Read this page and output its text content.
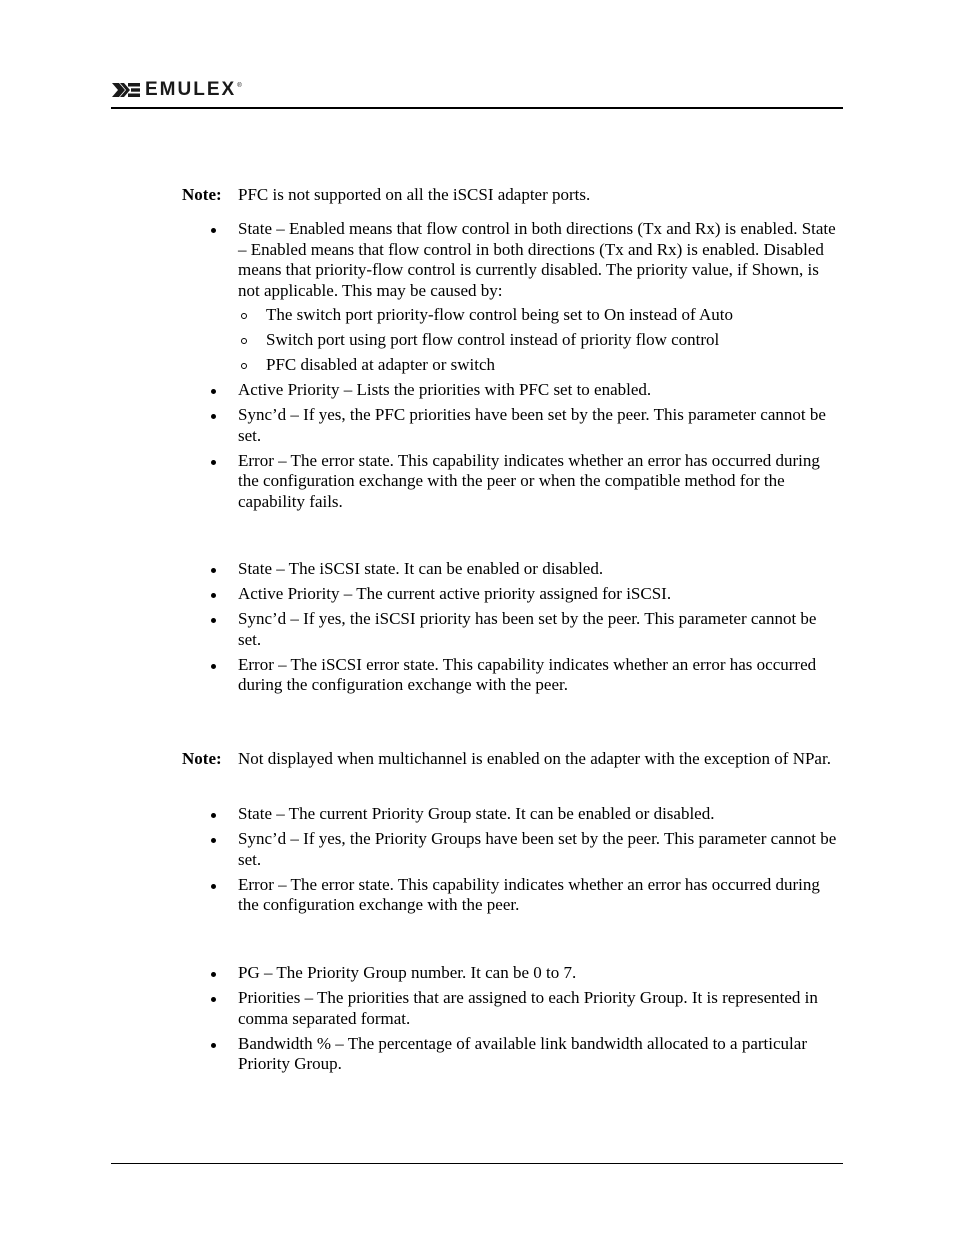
EMULEX ®
Note: PFC is not supported on all the iSCSI adapter ports.
State – Enabled means that flow control in both directions (Tx and Rx) is enabled. State – Enabled means that flow control in both directions (Tx and Rx) is enabled. Disabled means that priority-flow control is currently disabled. The priority value, if Shown, is not applicable. This may be caused by:
The switch port priority-flow control being set to On instead of Auto
Switch port using port flow control instead of priority flow control
PFC disabled at adapter or switch
Active Priority – Lists the priorities with PFC set to enabled.
Sync’d – If yes, the PFC priorities have been set by the peer. This parameter cannot be set.
Error – The error state. This capability indicates whether an error has occurred during the configuration exchange with the peer or when the compatible method for the capability fails.
State – The iSCSI state. It can be enabled or disabled.
Active Priority – The current active priority assigned for iSCSI.
Sync’d – If yes, the iSCSI priority has been set by the peer. This parameter cannot be set.
Error – The iSCSI error state. This capability indicates whether an error has occurred during the configuration exchange with the peer.
Note: Not displayed when multichannel is enabled on the adapter with the exception of NPar.
State – The current Priority Group state. It can be enabled or disabled.
Sync’d – If yes, the Priority Groups have been set by the peer. This parameter cannot be set.
Error – The error state. This capability indicates whether an error has occurred during the configuration exchange with the peer.
PG – The Priority Group number. It can be 0 to 7.
Priorities – The priorities that are assigned to each Priority Group. It is represented in comma separated format.
Bandwidth % – The percentage of available link bandwidth allocated to a particular Priority Group.
